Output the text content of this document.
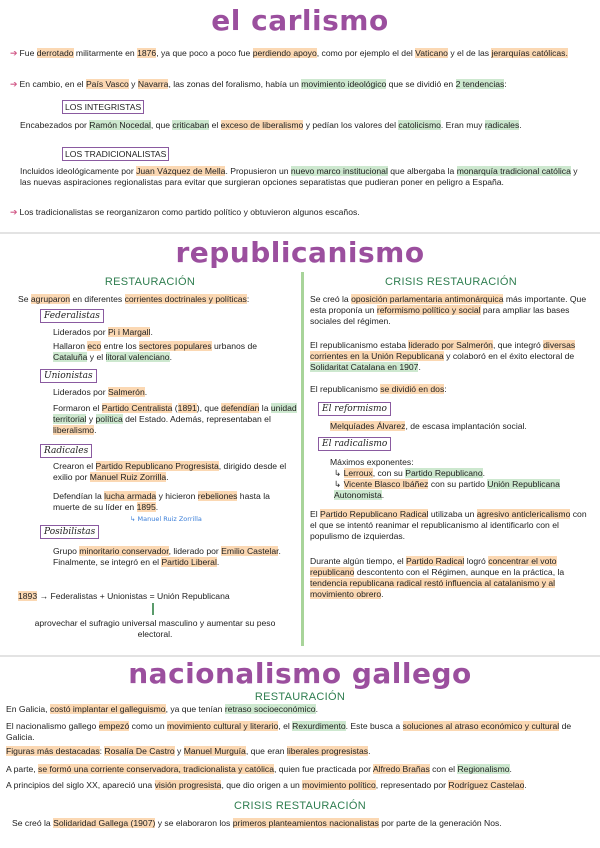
el carlismo
➔ Fue derrotado militarmente en 1876, ya que poco a poco fue perdiendo apoyo, como por ejemplo el del Vaticano y el de las jerarquías católicas.
➔ En cambio, en el País Vasco y Navarra, las zonas del foralismo, había un movimiento ideológico que se dividió en 2 tendencias:
LOS INTEGRISTAS
Encabezados por Ramón Nocedal, que criticaban el exceso de liberalismo y pedían los valores del catolicismo. Eran muy radicales.
LOS TRADICIONALISTAS
Incluidos ideológicamente por Juan Vázquez de Mella. Propusieron un nuevo marco institucional que albergaba la monarquía tradicional católica y las nuevas aspiraciones regionalistas para evitar que surgieran opciones separatistas que pudieran poner en peligro a España.
➔ Los tradicionalistas se reorganizaron como partido político y obtuvieron algunos escaños.
republicanismo
RESTAURACIÓN
Se agruparon en diferentes corrientes doctrinales y políticas:
Federalistas
Liderados por Pi i Margall.
Hallaron eco entre los sectores populares urbanos de Cataluña y el litoral valenciano.
Unionistas
Liderados por Salmerón.
Formaron el Partido Centralista (1891), que defendían la unidad territorial y política del Estado. Además, representaban el liberalismo.
Radicales
Crearon el Partido Republicano Progresista, dirigido desde el exilio por Manuel Ruiz Zorrilla.
Defendían la lucha armada y hicieron rebeliones hasta la muerte de su líder en 1895.
↳ Manuel Ruiz Zorrilla
Posibilistas
Grupo minoritario conservador, liderado por Emilio Castelar. Finalmente, se integró en el Partido Liberal.
1893 → Federalistas + Unionistas = Unión Republicana
aprovechar el sufragio universal masculino y aumentar su peso electoral.
CRISIS RESTAURACIÓN
Se creó la oposición parlamentaria antimonárquica más importante. Que esta proponía un reformismo político y social para ampliar las bases sociales del régimen.
El republicanismo estaba liderado por Salmerón, que integró diversas corrientes en la Unión Republicana y colaboró en el éxito electoral de Solidaritat Catalana en 1907.
El republicanismo se dividió en dos:
El reformismo
Melquíades Álvarez, de escasa implantación social.
El radicalismo
Máximos exponentes:
↳ Lerroux, con su Partido Republicano.
↳ Vicente Blasco Ibáñez con su partido Unión Republicana Autonomista.
El Partido Republicano Radical utilizaba un agresivo anticlericalismo con el que se intentó reanimar el republicanismo al identificarlo con el populismo de izquierdas.
Durante algún tiempo, el Partido Radical logró concentrar el voto republicano descontento con el Régimen, aunque en la práctica, la tendencia republicana radical restó influencia al catalanismo y al movimiento obrero.
nacionalismo gallego
RESTAURACIÓN
En Galicia, costó implantar el galleguismo, ya que tenían retraso socioeconómico.
El nacionalismo gallego empezó como un movimiento cultural y literario, el Rexurdimento. Este busca a soluciones al atraso económico y cultural de Galicia.
Figuras más destacadas: Rosalía De Castro y Manuel Murguía, que eran liberales progresistas.
A parte, se formó una corriente conservadora, tradicionalista y católica, quien fue practicada por Alfredo Brañas con el Regionalismo.
A principios del siglo XX, apareció una visión progresista, que dio origen a un movimiento político, representado por Rodríguez Castelao.
CRISIS RESTAURACIÓN
Se creó la Solidaridad Gallega (1907) y se elaboraron los primeros planteamientos nacionalistas por parte de la generación Nos.
